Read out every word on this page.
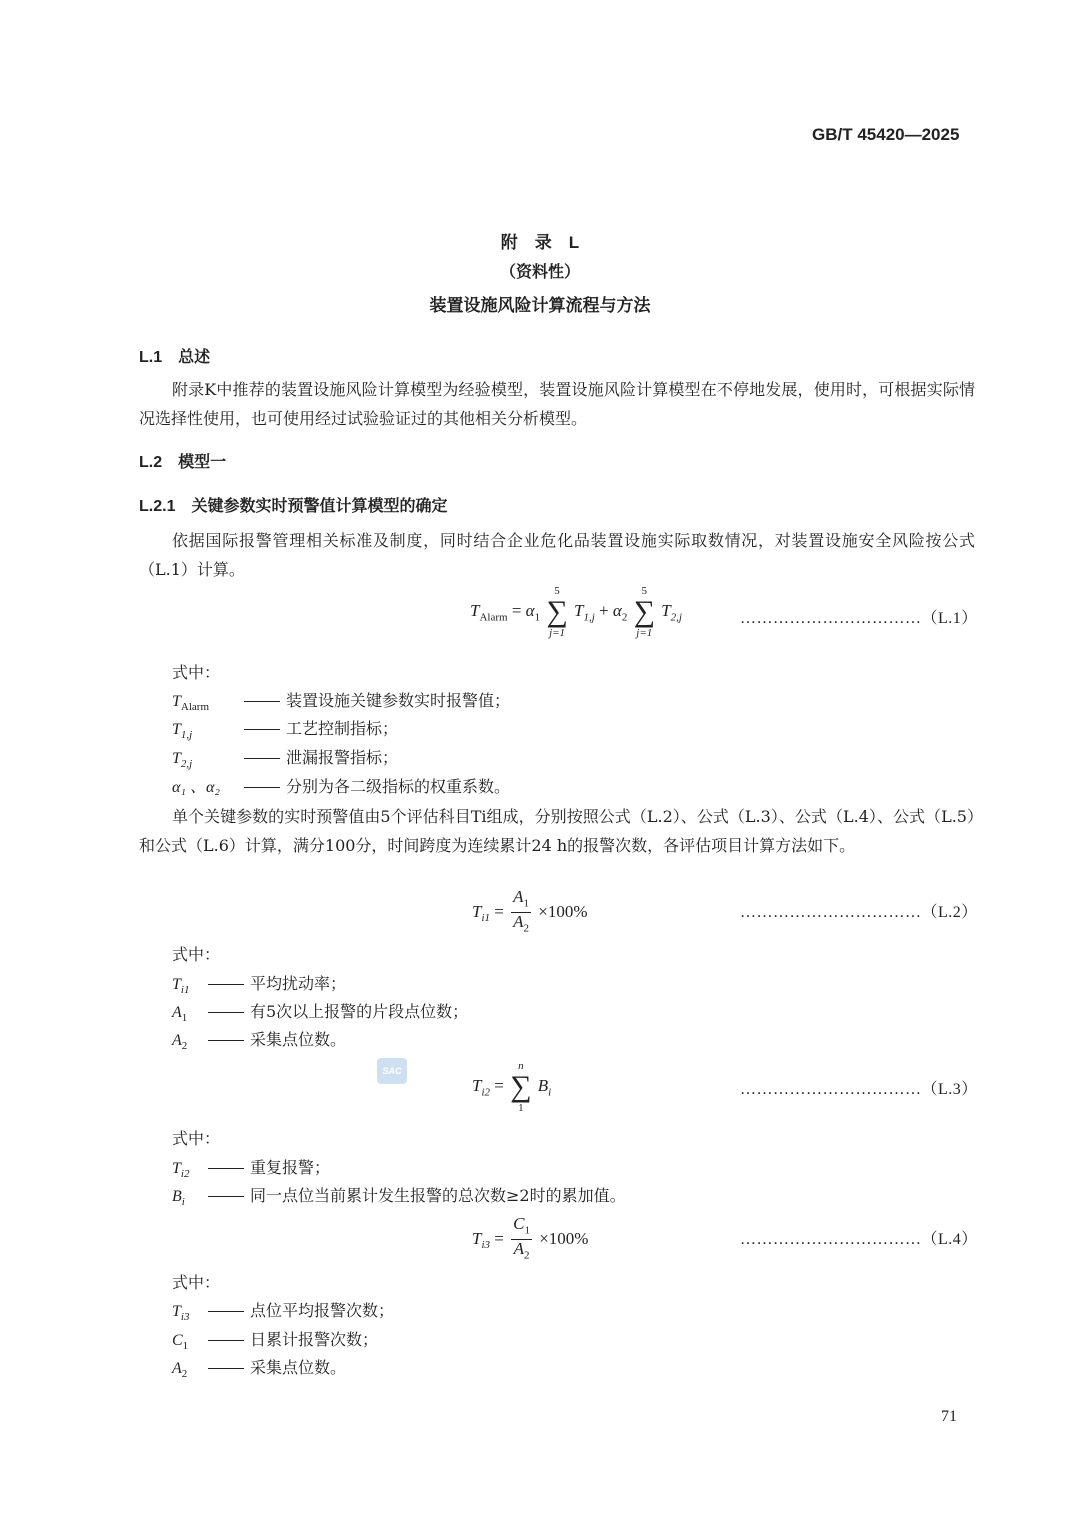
GB/T 45420—2025
附　录　L
（资料性）
装置设施风险计算流程与方法
L.1 总述
附录K中推荐的装置设施风险计算模型为经验模型，装置设施风险计算模型在不停地发展，使用时，可根据实际情况选择性使用，也可使用经过试验验证过的其他相关分析模型。
L.2 模型一
L.2.1 关键参数实时预警值计算模型的确定
依据国际报警管理相关标准及制度，同时结合企业危化品装置设施实际取数情况，对装置设施安全风险按公式（L.1）计算。
$T_{Alarm} = \alpha_1$
5
∑
j=1
$T_{1,j} + \alpha_2$
5
∑
j=1
$T_{2,j}$	……………………………（L.1）
式中：
$T_{Alarm}$	装置设施关键参数实时报警值；
$T_{1,j}$	工艺控制指标；
$T_{2,j}$	泄漏报警指标；
α₁ 、α₂	分别为各二级指标的权重系数。
单个关键参数的实时预警值由5个评估科目Ti组成，分别按照公式（L.2）、公式（L.3）、公式（L.4）、公式（L.5）和公式（L.6）计算，满分100分，时间跨度为连续累计24 h的报警次数，各评估项目计算方法如下。
$T_{i1} = \frac{A_1}{A_2} \times 100\%$	……………………………（L.2）
式中：
$T_{i1}$	平均扰动率；
$A_1$	有5次以上报警的片段点位数；
$A_2$	采集点位数。
SAC
$T_{i2}$ =
n
∑
1
$B_i$	……………………………（L.3）
式中：
$T_{i2}$	重复报警；
$B_i$	同一点位当前累计发生报警的总次数≥2时的累加值。
$T_{i3} = \frac{C_1}{A_2} \times 100\%$	……………………………（L.4）
式中：
$T_{i3}$	点位平均报警次数；
$C_1$	日累计报警次数；
$A_2$	采集点位数。
71
